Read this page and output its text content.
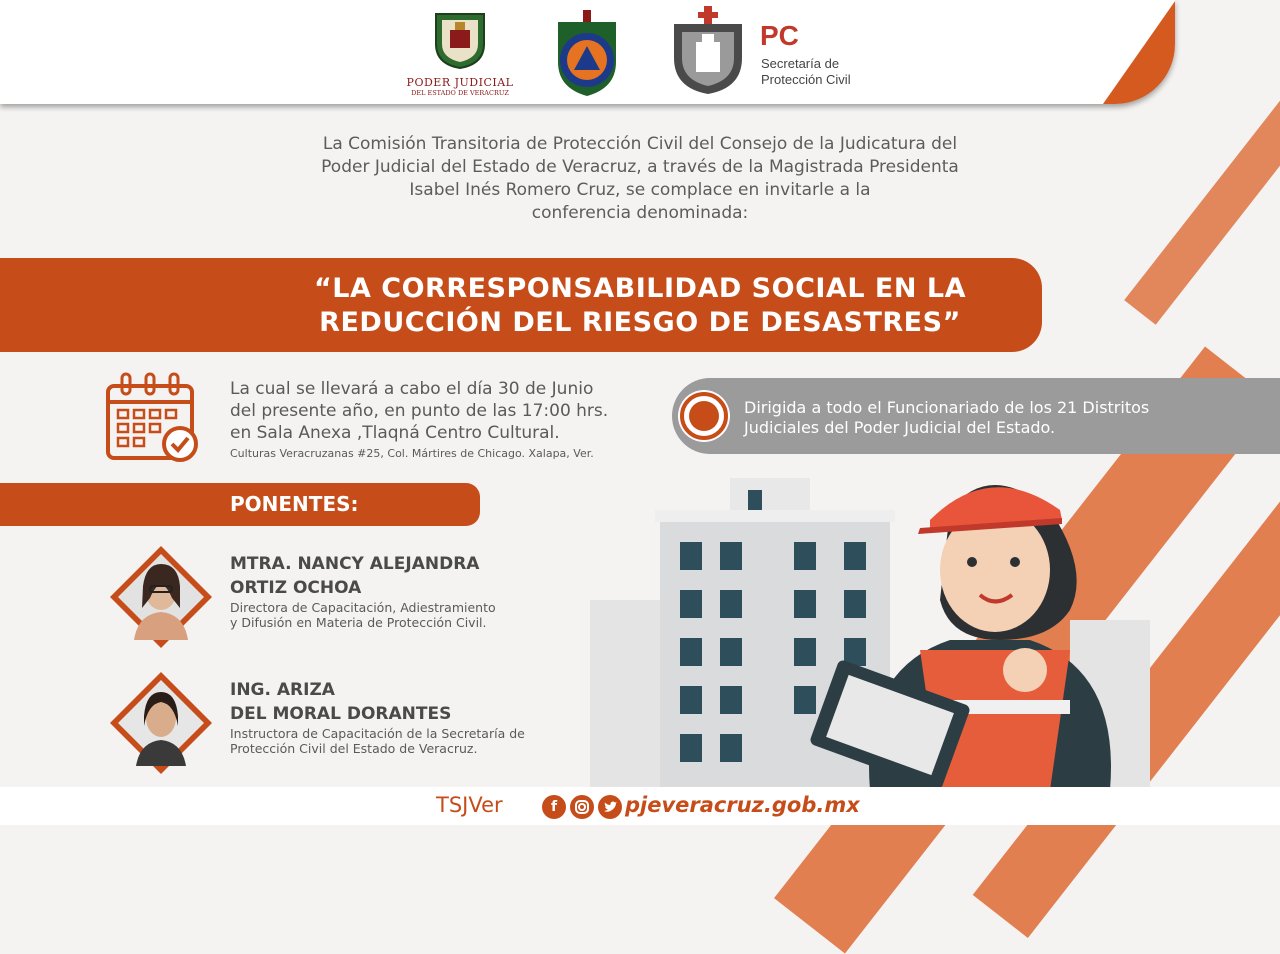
PODER JUDICIAL
DEL ESTADO DE VERACRUZ
PC
Secretaría de
Protección Civil
La Comisión Transitoria de Protección Civil del Consejo de la Judicatura del
Poder Judicial del Estado de Veracruz, a través de la Magistrada Presidenta
Isabel Inés Romero Cruz, se complace en invitarle a la
conferencia denominada:
“LA CORRESPONSABILIDAD SOCIAL EN LA
REDUCCIÓN DEL RIESGO DE DESASTRES”
La cual se llevará a cabo el día 30 de Junio
del presente año, en punto de las 17:00 hrs.
en Sala Anexa ,Tlaqná Centro Cultural.
Culturas Veracruzanas #25, Col. Mártires de Chicago. Xalapa, Ver.
Dirigida a todo el Funcionariado de los 21 Distritos
Judiciales del Poder Judicial del Estado.
PONENTES:
MTRA. NANCY ALEJANDRA
ORTIZ OCHOA
Directora de Capacitación, Adiestramiento
y Difusión en Materia de Protección Civil.
ING. ARIZA
DEL MORAL DORANTES
Instructora de Capacitación de la Secretaría de
Protección Civil del Estado de Veracruz.
TSJVer	f	pjeveracruz.gob.mx
